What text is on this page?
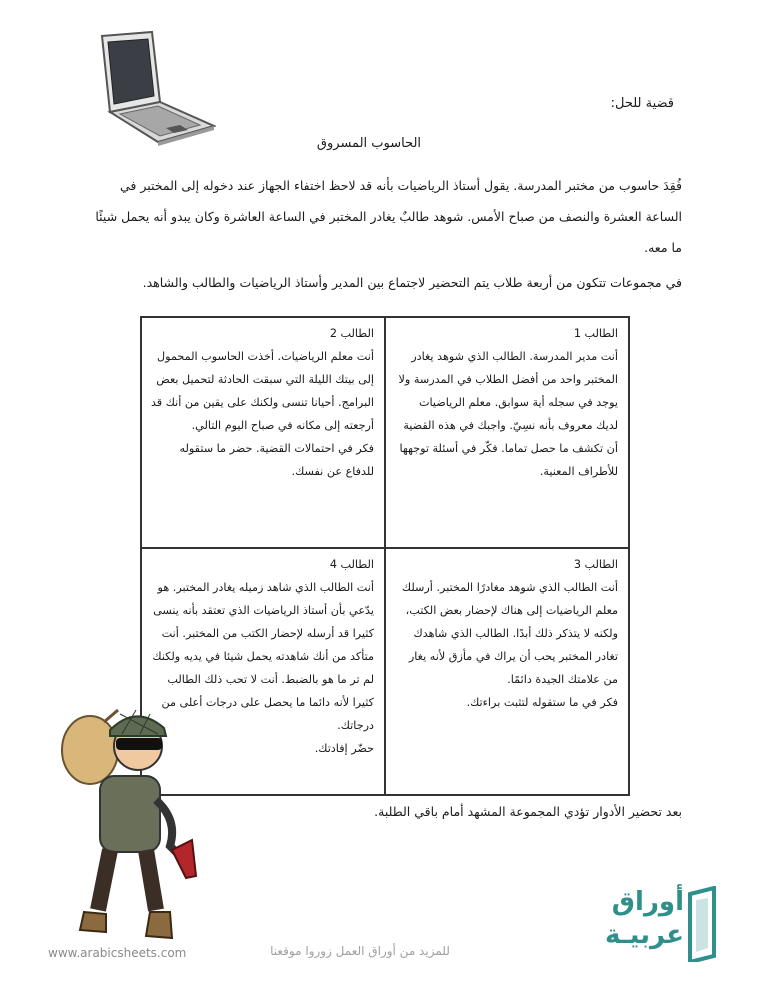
قضية للحل:
الحاسوب المسروق
فُقِدَ حاسوب من مختبر المدرسة. يقول أستاذ الرياضيات بأنه قد لاحظ اختفاء الجهاز عند دخوله إلى المختبر في الساعة العشرة والنصف من صباح الأمس. شوهد طالبٌ يغادر المختبر في الساعة العاشرة وكان يبدو أنه يحمل شيئًا ما معه.
في مجموعات تتكون من أربعة طلاب يتم التحضير لاجتماع بين المدير وأستاذ الرياضيات والطالب والشاهد.
الطالب 1

أنت مدير المدرسة. الطالب الذي شوهد يغادر المختبر واحد من أفضل الطلاب في المدرسة ولا يوجد في سجله أية سوابق. معلم الرياضيات لديك معروف بأنه نسِيّ. واجبك في هذه القضية أن تكشف ما حصل تماما. فكّر في أسئلة توجهها للأطراف المعنية.

الطالب 2

أنت معلم الرياضيات. أخذت الحاسوب المحمول إلى بيتك الليلة التي سبقت الحادثة لتحميل بعض البرامج. أحيانا تنسى ولكنك على يقين من أنك قد أرجعته إلى مكانه في صباح اليوم التالي.

فكر في احتمالات القضية. حضر ما ستقوله للدفاع عن نفسك.

الطالب 3

أنت الطالب الذي شوهد مغادرًا المختبر. أرسلك معلم الرياضيات إلى هناك لإحضار بعض الكتب، ولكنه لا يتذكر ذلك أبدًا. الطالب الذي شاهدك تغادر المختبر يحب أن يراك في مأزق لأنه يغار من علامتك الجيدة دائمًا.

فكر في ما ستقوله لتثبت براءتك.

الطالب 4

أنت الطالب الذي شاهد زميله يغادر المختبر. هو يدّعي بأن أستاذ الرياضيات الذي تعتقد بأنه ينسى كثيرا قد أرسله لإحضار الكتب من المختبر. أنت متأكد من أنك شاهدته يحمل شيئا في يديه ولكنك لم تر ما هو بالضبط. أنت لا تحب ذلك الطالب كثيرا لأنه دائما ما يحصل على درجات أعلى من درجاتك.

حضّر إفادتك.

بعد تحضير الأدوار تؤدي المجموعة المشهد أمام باقي الطلبة.
www.arabicsheets.com	للمزيد من أوراق العمل زوروا موقعنا
أوراق
عربيـة
